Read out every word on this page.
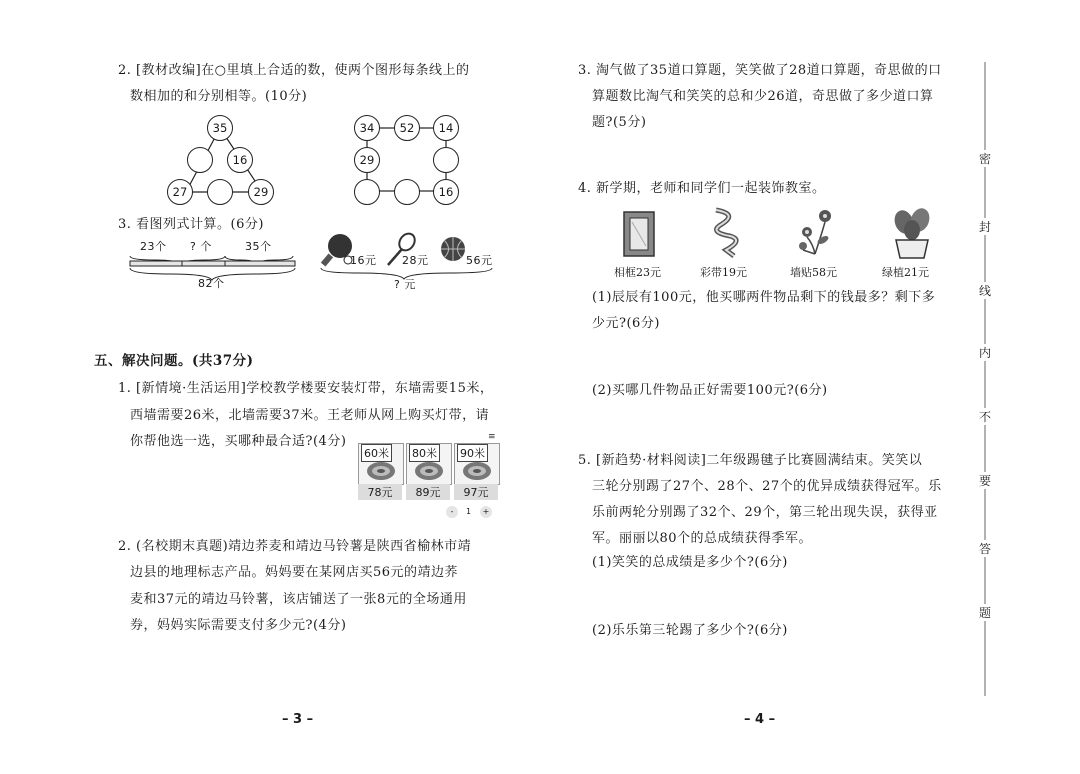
2. [教材改编]在○里填上合适的数，使两个图形每条线上的
数相加的和分别相等。(10分)
35
16
27	29
34	52	14
29
16
3. 看图列式计算。(6分)
23个 ? 个	35个
82个
16元 28元	56元
? 元
五、解决问题。(共37分)
1. [新情境·生活运用]学校教学楼要安装灯带，东墙需要15米，
西墙需要26米，北墙需要37米。王老师从网上购买灯带，请
你帮他选一选，买哪种最合适?(4分)	≡
60米
78元
80米
89元
90米
97元
-	1	+
2. (名校期末真题)靖边荞麦和靖边马铃薯是陕西省榆林市靖
边县的地理标志产品。妈妈要在某网店买56元的靖边荞
麦和37元的靖边马铃薯，该店铺送了一张8元的全场通用
券，妈妈实际需要支付多少元?(4分)
– 3 –
3. 淘气做了35道口算题，笑笑做了28道口算题，奇思做的口
算题数比淘气和笑笑的总和少26道，奇思做了多少道口算
题?(5分)
4. 新学期，老师和同学们一起装饰教室。
相框23元	彩带19元	墙贴58元	绿植21元
(1)辰辰有100元，他买哪两件物品剩下的钱最多？剩下多
少元?(6分)
(2)买哪几件物品正好需要100元?(6分)
5. [新趋势·材料阅读]二年级踢毽子比赛圆满结束。笑笑以
三轮分别踢了27个、28个、27个的优异成绩获得冠军。乐
乐前两轮分别踢了32个、29个，第三轮出现失误，获得亚
军。丽丽以80个的总成绩获得季军。
(1)笑笑的总成绩是多少个?(6分)
(2)乐乐第三轮踢了多少个?(6分)
– 4 –
密
封
线
内
不
要
答
题
